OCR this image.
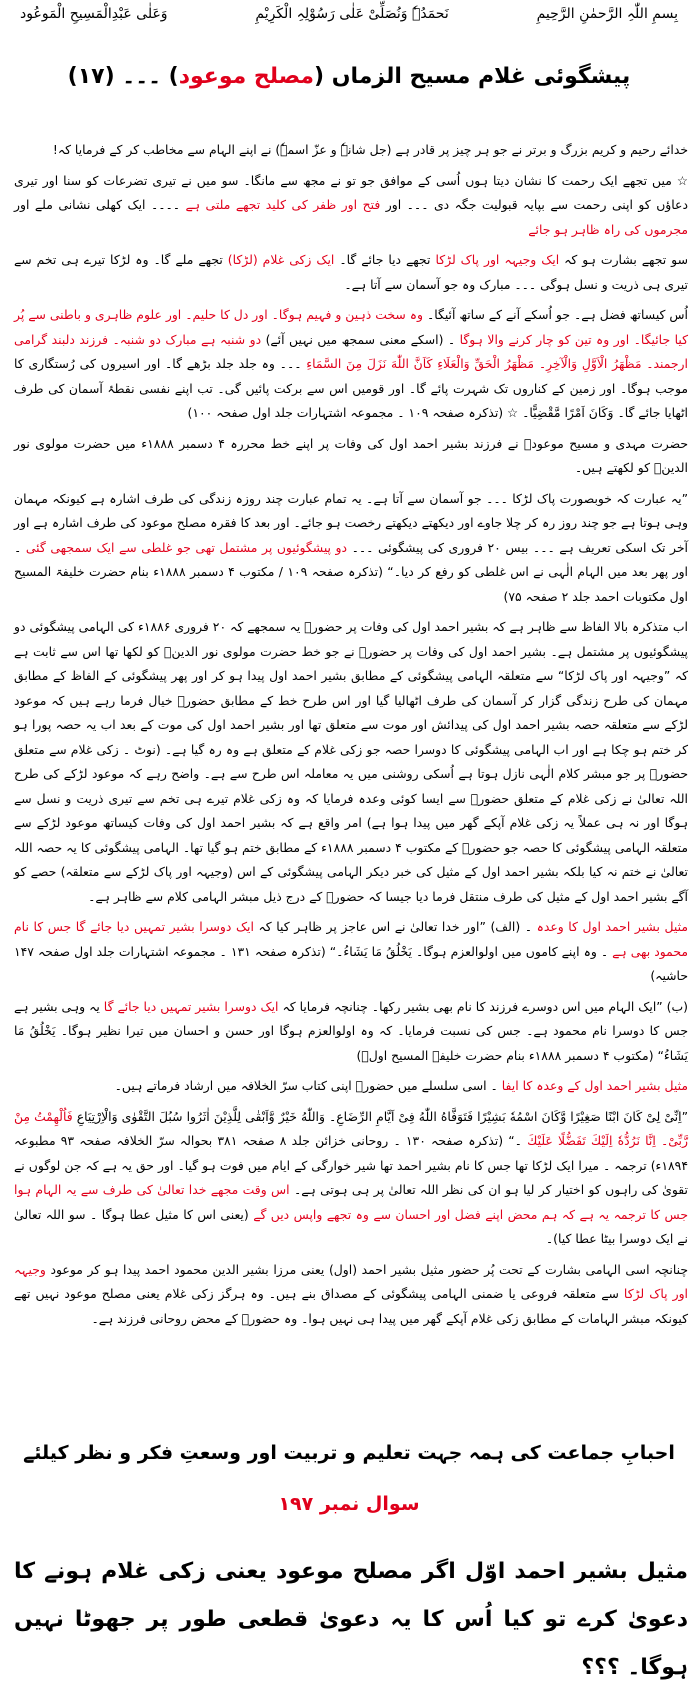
بِسمِ اللّٰہِ الرَّحمٰنِ الرَّحِیمِ
نَحمَدُہٗ وَنُصَلِّیْ عَلٰی رَسُوْلِہِ الْکَرِیْمِ
وَعَلٰی عَبْدِالْمَسِیحِ الْمَوعُود
پیشگوئی غلام مسیح الزماں (مصلح موعود) ۔۔۔ (۱۷)

خدائے رحیم و کریم بزرگ و برتر نے جو ہر چیز پر قادر ہے (جل شانہٗ و عزّ اسمہٗ) نے اپنے الہام سے مخاطب کر کے فرمایا کہ!

☆ میں تجھے ایک رحمت کا نشان دیتا ہوں اُسی کے موافق جو تو نے مجھ سے مانگا۔ سو میں نے تیری تضرعات کو سنا اور تیری دعاؤں کو اپنی رحمت سے بپایہ قبولیت جگہ دی ۔۔۔ اور فتح اور ظفر کی کلید تجھے ملتی ہے ۔۔۔۔ ایک کھلی نشانی ملے اور مجرموں کی راہ ظاہر ہو جائے

سو تجھے بشارت ہو کہ ایک وجیہہ اور پاک لڑکا تجھے دیا جائے گا۔ ایک زکی غلام (لڑکا) تجھے ملے گا۔ وہ لڑکا تیرے ہی تخم سے تیری ہی ذریت و نسل ہوگی ۔۔۔ مبارک وہ جو آسمان سے آتا ہے۔

اُس کیساتھ فضل ہے۔ جو اُسکے آنے کے ساتھ آئیگا۔ وہ سخت ذہین و فہیم ہوگا۔ اور دل کا حلیم۔ اور علوم ظاہری و باطنی سے پُر کیا جائیگا۔ اور وہ تین کو چار کرنے والا ہوگا ۔ (اسکے معنی سمجھ میں نہیں آئے) دو شنبہ ہے مبارک دو شنبہ۔ فرزند دلبند گرامی ارجمند۔ مَظْهَرُ الْاَوَّلِ وَالْآخِرِ۔ مَظْهَرُ الْحَقِّ وَالْعَلَاءِ كَاَنَّ اللّٰهَ نَزَلَ مِنَ السَّمَاءِ ۔۔۔ وہ جلد جلد بڑھے گا۔ اور اسیروں کی رُستگاری کا موجب ہوگا۔ اور زمین کے کناروں تک شہرت پائے گا۔ اور قومیں اس سے برکت پائیں گی۔ تب اپنے نفسی نقطۂ آسمان کی طرف اٹھایا جائے گا۔ وَکَانَ اَمْرًا مَّقْضِیًّا۔ ☆ (تذکرہ صفحہ ۱۰۹ ۔ مجموعہ اشتہارات جلد اول صفحہ ۱۰۰)

حضرت مہدی و مسیح موعودؑ نے فرزند بشیر احمد اول کی وفات پر اپنے خط محررہ ۴ دسمبر ۱۸۸۸ء میں حضرت مولوی نور الدینؓ کو لکھتے ہیں۔

”یہ عبارت کہ خوبصورت پاک لڑکا ۔۔۔ جو آسمان سے آتا ہے۔ یہ تمام عبارت چند روزہ زندگی کی طرف اشارہ ہے کیونکہ مہمان وہی ہوتا ہے جو چند روز رہ کر چلا جاوے اور دیکھتے دیکھتے رخصت ہو جائے۔ اور بعد کا فقرہ مصلح موعود کی طرف اشارہ ہے اور آخر تک اسکی تعریف ہے ۔۔۔ بیس ۲۰ فروری کی پیشگوئی ۔۔۔ دو پیشگوئیوں پر مشتمل تھی جو غلطی سے ایک سمجھی گئی ۔ اور پھر بعد میں الہام الٰہی نے اس غلطی کو رفع کر دیا۔“ (تذکرہ صفحہ ۱۰۹ / مکتوب ۴ دسمبر ۱۸۸۸ء بنام حضرت خلیفۃ المسیح اول مکتوبات احمد جلد ۲ صفحہ ۷۵)

اب متذکرہ بالا الفاظ سے ظاہر ہے کہ بشیر احمد اول کی وفات پر حضورؑ یہ سمجھے کہ ۲۰ فروری ۱۸۸۶ء کی الہامی پیشگوئی دو پیشگوئیوں پر مشتمل ہے۔ بشیر احمد اول کی وفات پر حضورؑ نے جو خط حضرت مولوی نور الدینؓ کو لکھا تھا اس سے ثابت ہے کہ ”وجیہہ اور پاک لڑکا“ سے متعلقہ الہامی پیشگوئی کے مطابق بشیر احمد اول پیدا ہو کر اور پھر پیشگوئی کے الفاظ کے مطابق مہمان کی طرح زندگی گزار کر آسمان کی طرف اٹھالیا گیا اور اس طرح خط کے مطابق حضورؑ خیال فرما رہے ہیں کہ موعود لڑکے سے متعلقہ حصہ بشیر احمد اول کی پیدائش اور موت سے متعلق تھا اور بشیر احمد اول کی موت کے بعد اب یہ حصہ پورا ہو کر ختم ہو چکا ہے اور اب الہامی پیشگوئی کا دوسرا حصہ جو زکی غلام کے متعلق ہے وہ رہ گیا ہے۔ (نوٹ ۔ زکی غلام سے متعلق حضورؑ پر جو مبشر کلام الٰہی نازل ہوتا ہے اُسکی روشنی میں یہ معاملہ اس طرح سے ہے۔ واضح رہے کہ موعود لڑکے کی طرح اللہ تعالیٰ نے زکی غلام کے متعلق حضورؑ سے ایسا کوئی وعدہ فرمایا کہ وہ زکی غلام تیرے ہی تخم سے تیری ذریت و نسل سے ہوگا اور نہ ہی عملاً یہ زکی غلام آپکے گھر میں پیدا ہوا ہے) امر واقع ہے کہ بشیر احمد اول کی وفات کیساتھ موعود لڑکے سے متعلقہ الہامی پیشگوئی کا حصہ جو حضورؑ کے مکتوب ۴ دسمبر ۱۸۸۸ء کے مطابق ختم ہو گیا تھا۔ الہامی پیشگوئی کا یہ حصہ اللہ تعالیٰ نے ختم نہ کیا بلکہ بشیر احمد اول کے مثیل کی خبر دیکر الہامی پیشگوئی کے اس (وجیہہ اور پاک لڑکے سے متعلقہ) حصے کو آگے بشیر احمد اول کے مثیل کی طرف منتقل فرما دیا جیسا کہ حضورؑ کے درج ذیل مبشر الہامی کلام سے ظاہر ہے۔

مثیل بشیر احمد اول کا وعدہ ۔ (الف) ”اور خدا تعالیٰ نے اس عاجز پر ظاہر کیا کہ ایک دوسرا بشیر تمہیں دیا جائے گا جس کا نام محمود بھی ہے ۔ وہ اپنے کاموں میں اولوالعزم ہوگا۔ یَخْلُقُ مَا یَشَاءُ۔“ (تذکرہ صفحہ ۱۳۱ ۔ مجموعہ اشتہارات جلد اول صفحہ ۱۴۷ حاشیہ)

(ب) ”ایک الہام میں اس دوسرے فرزند کا نام بھی بشیر رکھا۔ چنانچہ فرمایا کہ ایک دوسرا بشیر تمہیں دیا جائے گا یہ وہی بشیر ہے جس کا دوسرا نام محمود ہے۔ جس کی نسبت فرمایا۔ کہ وہ اولوالعزم ہوگا اور حسن و احسان میں تیرا نظیر ہوگا۔ یَخْلُقُ مَا یَشَاءُ“ (مکتوب ۴ دسمبر ۱۸۸۸ء بنام حضرت خلیفۃ المسیح اولؓ)

مثیل بشیر احمد اول کے وعدہ کا ایفا ۔ اسی سلسلے میں حضورؑ اپنی کتاب سرّ الخلافہ میں ارشاد فرماتے ہیں۔

”اِنِّیْ لِیْ كَانَ ابْنًا صَغِیْرًا وَّكَانَ اسْمُهٗ بَشِیْرًا فَتَوَفَّاهُ اللّٰهُ فِیْ اَیَّامِ الرِّضَاعِ۔ وَاللّٰهُ خَیْرٌ وَّاَبْقٰی لِلَّذِیْنَ اٰثَرُوا سُبُلَ التَّقْوٰی وَالْاِرْتِیَاعِ فَاُلْهِمْتُ مِنْ رَّبِّیْ۔ اِنَّا نَرُدُّهٗ اِلَیْكَ تَفَضُّلًا عَلَیْكَ ۔“ (تذکرہ صفحہ ۱۳۰ ۔ روحانی خزائن جلد ۸ صفحہ ۳۸۱ بحوالہ سرّ الخلافہ صفحہ ۹۳ مطبوعہ ۱۸۹۴ء) ترجمہ ۔ میرا ایک لڑکا تھا جس کا نام بشیر احمد تھا شیر خوارگی کے ایام میں فوت ہو گیا۔ اور حق یہ ہے کہ جن لوگوں نے تقویٰ کی راہوں کو اختیار کر لیا ہو ان کی نظر اللہ تعالیٰ پر ہی ہوتی ہے۔ اس وقت مجھے خدا تعالیٰ کی طرف سے یہ الہام ہوا جس کا ترجمہ یہ ہے کہ ہم محض اپنے فضل اور احسان سے وہ تجھے واپس دیں گے (یعنی اس کا مثیل عطا ہوگا ۔ سو اللہ تعالیٰ نے ایک دوسرا بیٹا عطا کیا)۔

چنانچہ اسی الہامی بشارت کے تحت پُر حضور مثیل بشیر احمد (اول) یعنی مرزا بشیر الدین محمود احمد پیدا ہو کر موعود وجیہہ اور پاک لڑکا سے متعلقہ فروعی یا ضمنی الہامی پیشگوئی کے مصداق بنے ہیں۔ وہ ہرگز زکی غلام یعنی مصلح موعود نہیں تھے کیونکہ مبشر الہامات کے مطابق زکی غلام آپکے گھر میں پیدا ہی نہیں ہوا۔ وہ حضورؑ کے محض روحانی فرزند ہے۔

احبابِ جماعت کی ہمہ جہت تعلیم و تربیت اور وسعتِ فکر و نظر کیلئے
سوال نمبر ۱۹۷
مثیل بشیر احمد اوّل اگر مصلح موعود یعنی زکی غلام ہونے کا دعویٰ کرے تو کیا اُس کا یہ دعویٰ قطعی طور پر جھوٹا نہیں ہوگا۔ ؟؟؟
